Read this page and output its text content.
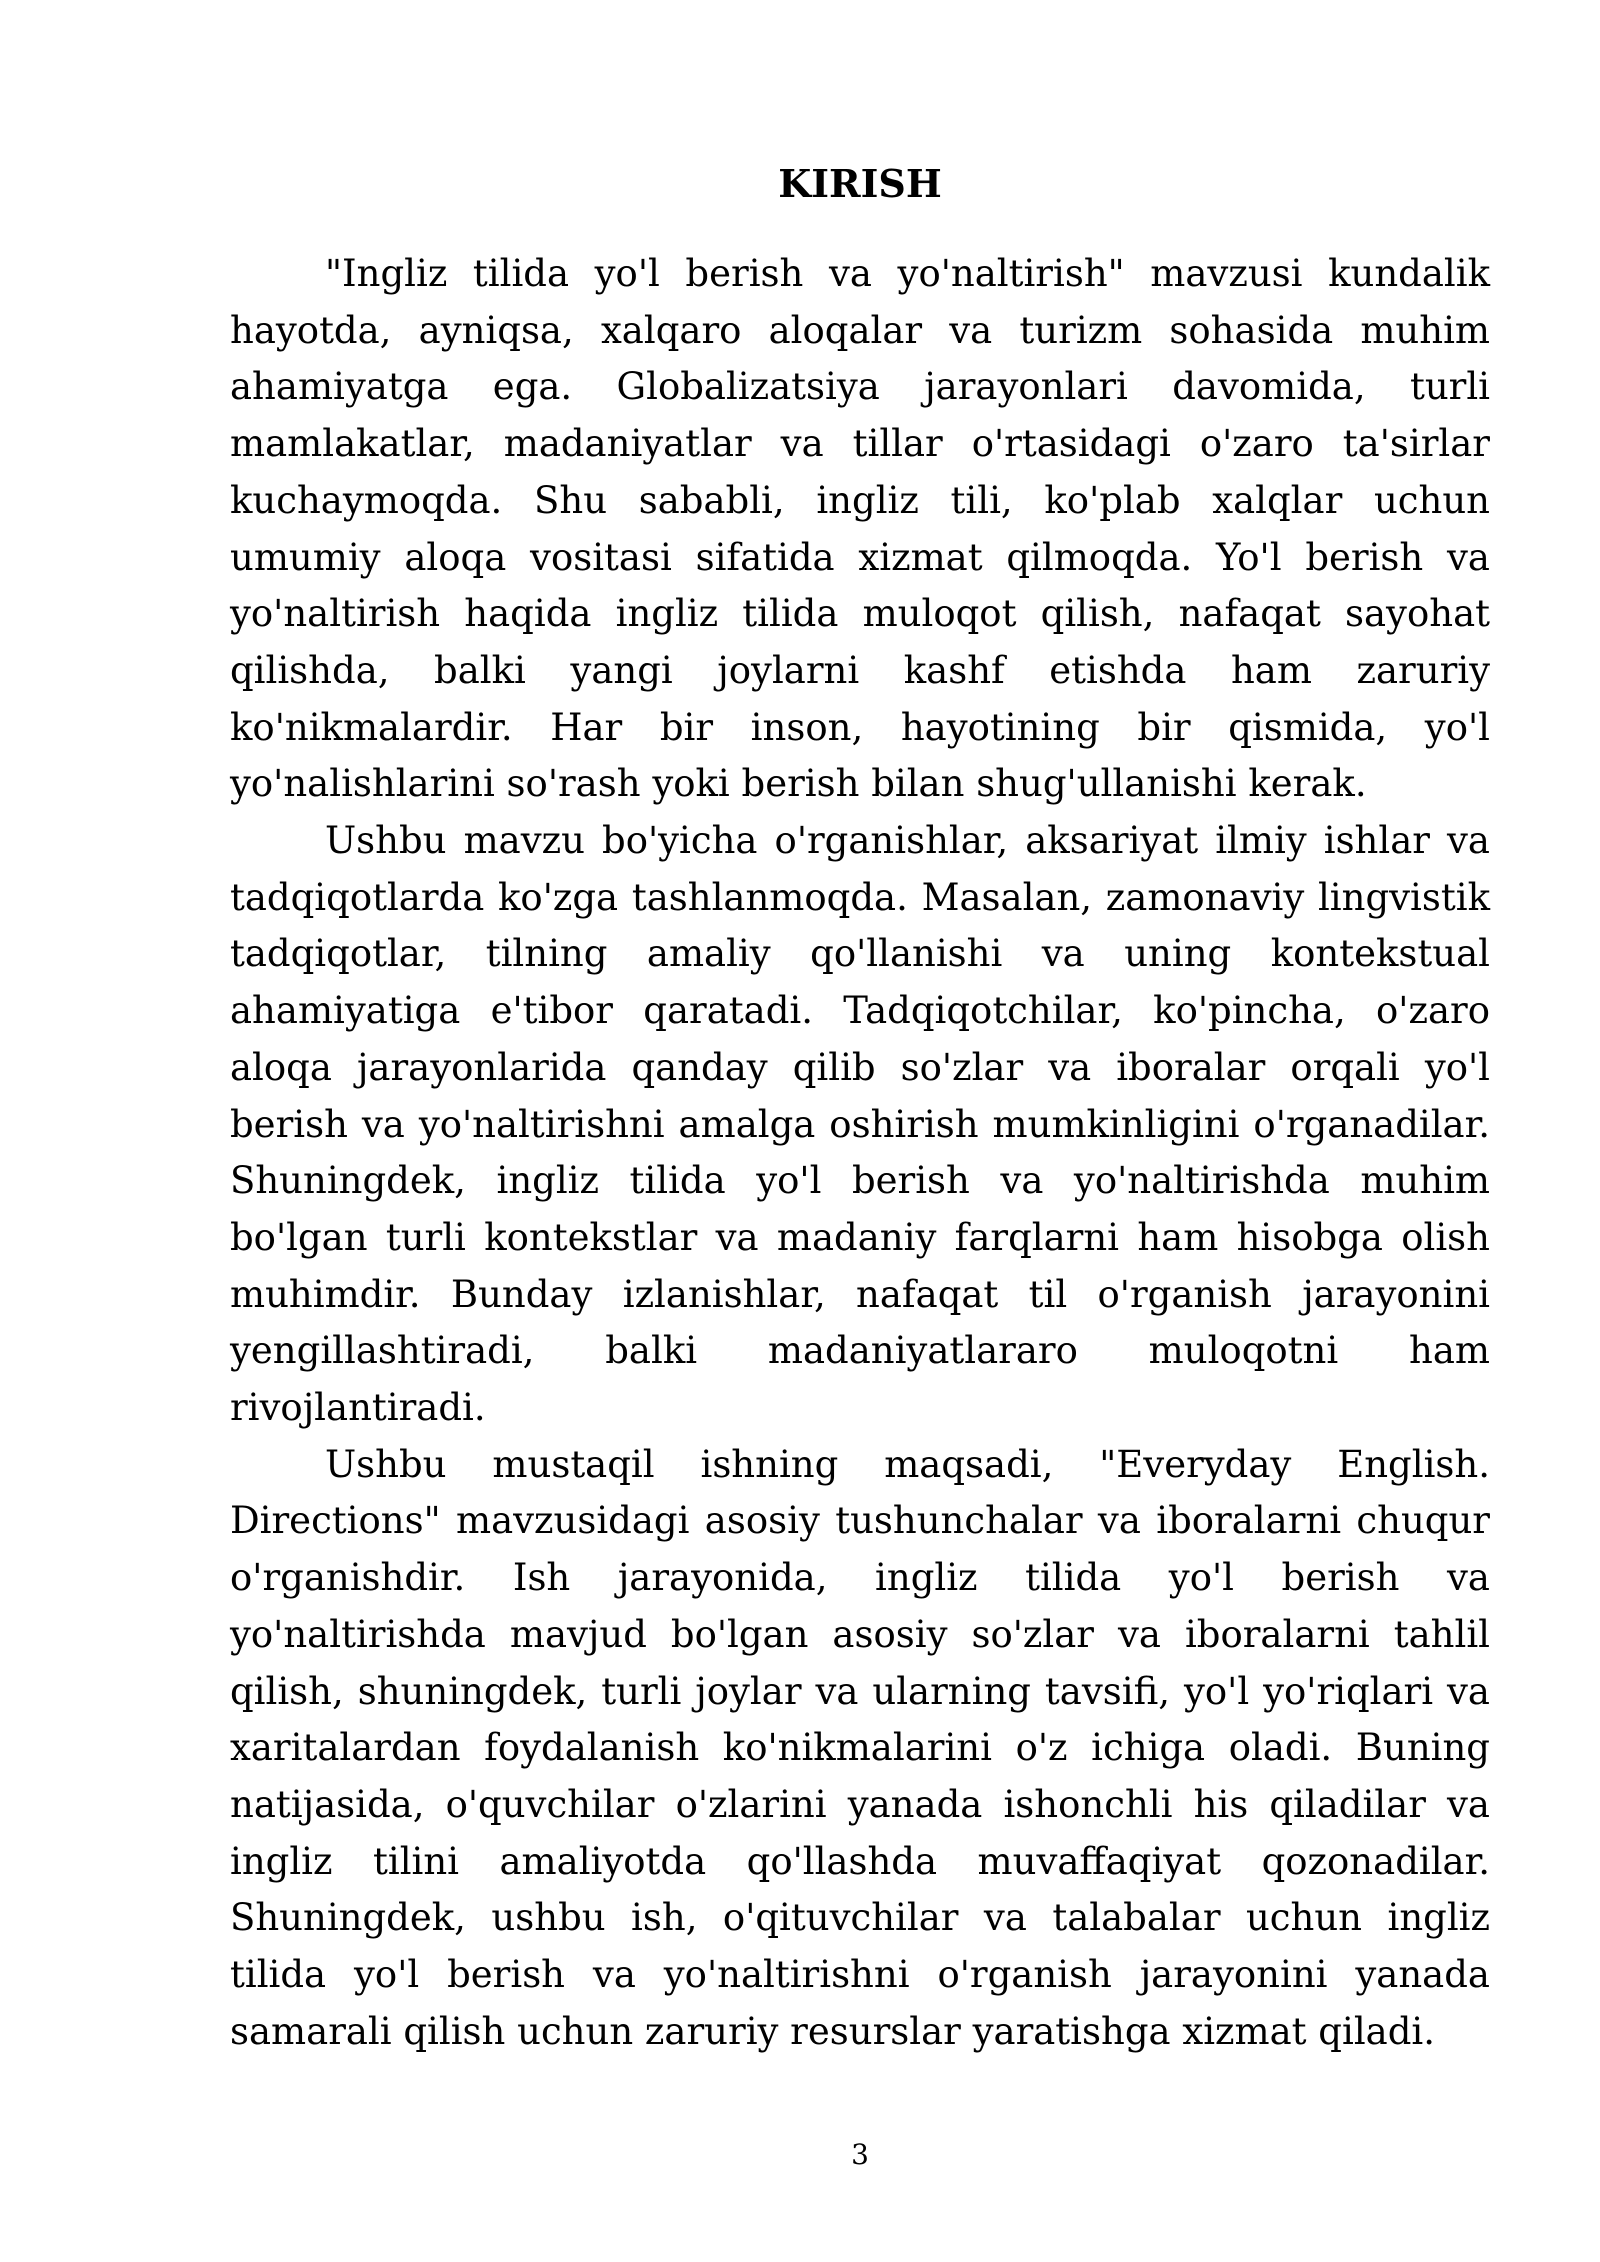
KIRISH

"Ingliz tilida yo'l berish va yo'naltirish" mavzusi kundalik hayotda, ayniqsa, xalqaro aloqalar va turizm sohasida muhim ahamiyatga ega. Globalizatsiya jarayonlari davomida, turli mamlakatlar, madaniyatlar va tillar o'rtasidagi o'zaro ta'sirlar kuchaymoqda. Shu sababli, ingliz tili, ko'plab xalqlar uchun umumiy aloqa vositasi sifatida xizmat qilmoqda. Yo'l berish va yo'naltirish haqida ingliz tilida muloqot qilish, nafaqat sayohat qilishda, balki yangi joylarni kashf etishda ham zaruriy ko'nikmalardir. Har bir inson, hayotining bir qismida, yo'l yo'nalishlarini so'rash yoki berish bilan shug'ullanishi kerak.

Ushbu mavzu bo'yicha o'rganishlar, aksariyat ilmiy ishlar va tadqiqotlarda ko'zga tashlanmoqda. Masalan, zamonaviy lingvistik tadqiqotlar, tilning amaliy qo'llanishi va uning kontekstual ahamiyatiga e'tibor qaratadi. Tadqiqotchilar, ko'pincha, o'zaro aloqa jarayonlarida qanday qilib so'zlar va iboralar orqali yo'l berish va yo'naltirishni amalga oshirish mumkinligini o'rganadilar. Shuningdek, ingliz tilida yo'l berish va yo'naltirishda muhim bo'lgan turli kontekstlar va madaniy farqlarni ham hisobga olish muhimdir. Bunday izlanishlar, nafaqat til o'rganish jarayonini yengillashtiradi, balki madaniyatlararo muloqotni ham rivojlantiradi.

Ushbu mustaqil ishning maqsadi, "Everyday English. Directions" mavzusidagi asosiy tushunchalar va iboralarni chuqur o'rganishdir. Ish jarayonida, ingliz tilida yo'l berish va yo'naltirishda mavjud bo'lgan asosiy so'zlar va iboralarni tahlil qilish, shuningdek, turli joylar va ularning tavsifi, yo'l yo'riqlari va xaritalardan foydalanish ko'nikmalarini o'z ichiga oladi. Buning natijasida, o'quvchilar o'zlarini yanada ishonchli his qiladilar va ingliz tilini amaliyotda qo'llashda muvaffaqiyat qozonadilar. Shuningdek, ushbu ish, o'qituvchilar va talabalar uchun ingliz tilida yo'l berish va yo'naltirishni o'rganish jarayonini yanada samarali qilish uchun zaruriy resurslar yaratishga xizmat qiladi.

3
